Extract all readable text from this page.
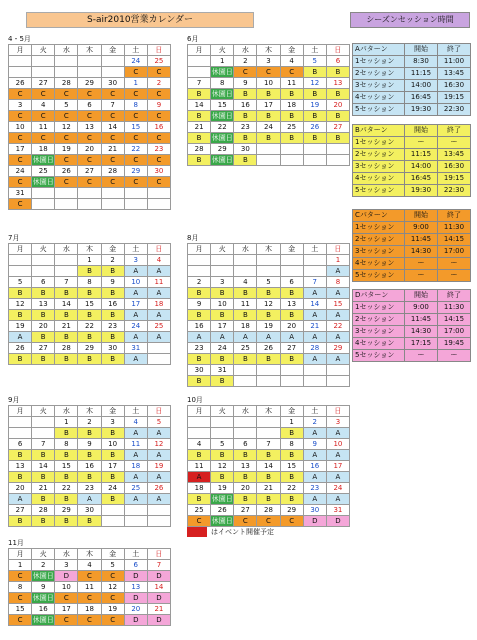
S-air2010営業カレンダー	シーズンセッション時間
4・5月
月	火	水	木	金	土	日
					24	25
					C	C
26	27	28	29	30	1	2
C	C	C	C	C	C	C
3	4	5	6	7	8	9
C	C	C	C	C	C	C
10	11	12	13	14	15	16
C	C	C	C	C	C	C
17	18	19	20	21	22	23
C	休園日	C	C	C	C	C
24	25	26	27	28	29	30
C	休園日	C	C	C	C	C
31						
C						
6月
月	火	水	木	金	土	日
	1	2	3	4	5	6
	休園日	C	C	C	B	B
7	8	9	10	11	12	13
B	休園日	B	B	B	B	B
14	15	16	17	18	19	20
B	休園日	B	B	B	B	B
21	22	23	24	25	26	27
B	休園日	B	B	B	B	B
28	29	30				
B	休園日	B				
7月
月	火	水	木	金	土	日
			1	2	3	4
			B	B	A	A
5	6	7	8	9	10	11
B	B	B	B	B	A	A
12	13	14	15	16	17	18
B	B	B	B	B	A	A
19	20	21	22	23	24	25
A	B	B	B	B	A	A
26	27	28	29	30	31	
B	B	B	B	B	A	
8月
月	火	水	木	金	土	日
						1
						A
2	3	4	5	6	7	8
B	B	B	B	B	A	A
9	10	11	12	13	14	15
B	B	B	B	B	A	A
16	17	18	19	20	21	22
A	A	A	A	A	A	A
23	24	25	26	27	28	29
B	B	B	B	B	A	A
30	31					
B	B					
9月
月	火	水	木	金	土	日
		1	2	3	4	5
		B	B	B	A	A
6	7	8	9	10	11	12
B	B	B	B	B	A	A
13	14	15	16	17	18	19
B	B	B	B	B	A	A
20	21	22	23	24	25	26
A	B	B	A	B	A	A
27	28	29	30			
B	B	B	B			
10月
月	火	水	木	金	土	日
				1	2	3
				B	A	A
4	5	6	7	8	9	10
B	B	B	B	B	A	A
11	12	13	14	15	16	17
A	B	B	B	B	A	A
18	19	20	21	22	23	24
B	休園日	B	B	B	A	A
25	26	27	28	29	30	31
C	休園日	C	C	C	D	D
11月
月	火	水	木	金	土	日
1	2	3	4	5	6	7
C	休園日	D	C	C	D	D
8	9	10	11	12	13	14
C	休園日	C	C	C	D	D
15	16	17	18	19	20	21
C	休園日	C	C	C	D	D
Aパターン	開始	終了
1セッション	8:30	11:00
2セッション	11:15	13:45
3セッション	14:00	16:30
4セッション	16:45	19:15
5セッション	19:30	22:30
Bパターン	開始	終了
1セッション	ー	ー
2セッション	11:15	13:45
3セッション	14:00	16:30
4セッション	16:45	19:15
5セッション	19:30	22:30
Cパターン	開始	終了
1セッション	9:00	11:30
2セッション	11:45	14:15
3セッション	14:30	17:00
4セッション	ー	ー
5セッション	ー	ー
Dパターン	開始	終了
1セッション	9:00	11:30
2セッション	11:45	14:15
3セッション	14:30	17:00
4セッション	17:15	19:45
5セッション	ー	ー
はイベント開催予定
